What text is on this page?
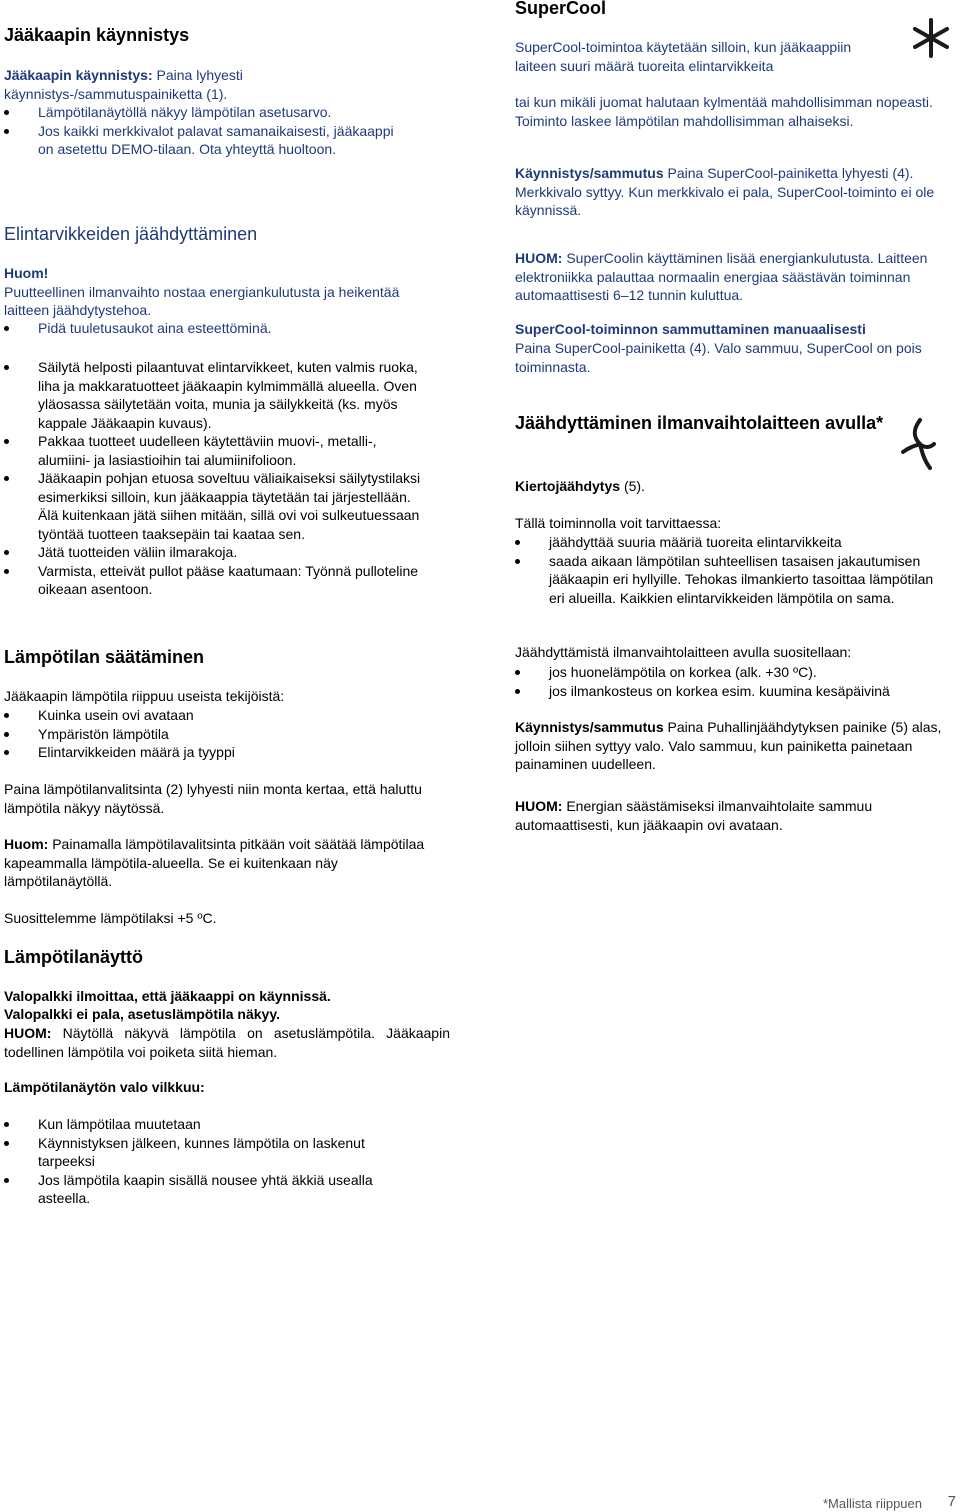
Jääkaapin käynnistys

Jääkaapin käynnistys: Paina lyhyesti käynnistys-/sammutuspainiketta (1).

Lämpötilanäytöllä näkyy lämpötilan asetusarvo.
Jos kaikki merkkivalot palavat samanaikaisesti, jääkaappi on asetettu DEMO-tilaan. Ota yhteyttä huoltoon.
Elintarvikkeiden jäähdyttäminen

Huom!
Puutteellinen ilmanvaihto nostaa energiankulutusta ja heikentää laitteen jäähdytystehoa.

Pidä tuuletusaukot aina esteettöminä.
Säilytä helposti pilaantuvat elintarvikkeet, kuten valmis ruoka, liha ja makkaratuotteet jääkaapin kylmimmällä alueella. Oven yläosassa säilytetään voita, munia ja säilykkeitä (ks. myös kappale Jääkaapin kuvaus).
Pakkaa tuotteet uudelleen käytettäviin muovi-, metalli-, alumiini- ja lasiastioihin tai alumiinifolioon.
Jääkaapin pohjan etuosa soveltuu väliaikaiseksi säilytystilaksi esimerkiksi silloin, kun jääkaappia täytetään tai järjestellään. Älä kuitenkaan jätä siihen mitään, sillä ovi voi sulkeutuessaan työntää tuotteen taaksepäin tai kaataa sen.
Jätä tuotteiden väliin ilmarakoja.
Varmista, etteivät pullot pääse kaatumaan: Työnnä pulloteline oikeaan asentoon.
Lämpötilan säätäminen

Jääkaapin lämpötila riippuu useista tekijöistä:

Kuinka usein ovi avataan
Ympäristön lämpötila
Elintarvikkeiden määrä ja tyyppi

Paina lämpötilanvalitsinta (2) lyhyesti niin monta kertaa, että haluttu lämpötila näkyy näytössä.

Huom: Painamalla lämpötilavalitsinta pitkään voit säätää lämpötilaa kapeammalla lämpötila-alueella. Se ei kuitenkaan näy lämpötilanäytöllä.

Suosittelemme lämpötilaksi +5 ºC.

Lämpötilanäyttö

Valopalkki ilmoittaa, että jääkaappi on käynnissä.

Valopalkki ei pala, asetuslämpötila näkyy.

HUOM: Näytöllä näkyvä lämpötila on asetuslämpötila. Jääkaapin todellinen lämpötila voi poiketa siitä hieman.

Lämpötilanäytön valo vilkkuu:

Kun lämpötilaa muutetaan
Käynnistyksen jälkeen, kunnes lämpötila on laskenut tarpeeksi
Jos lämpötila kaapin sisällä nousee yhtä äkkiä usealla asteella.
SuperCool

SuperCool-toimintoa käytetään silloin, kun jääkaappiin laiteen suuri määrä tuoreita elintarvikkeita

tai kun mikäli juomat halutaan kylmentää mahdollisimman nopeasti. Toiminto laskee lämpötilan mahdollisimman alhaiseksi.

Käynnistys/sammutus Paina SuperCool-painiketta lyhyesti (4). Merkkivalo syttyy. Kun merkkivalo ei pala, SuperCool-toiminto ei ole käynnissä.

HUOM: SuperCoolin käyttäminen lisää energiankulutusta. Laitteen elektroniikka palauttaa normaalin energiaa säästävän toiminnan automaattisesti 6–12 tunnin kuluttua.

SuperCool-toiminnon sammuttaminen manuaalisesti

Paina SuperCool-painiketta (4). Valo sammuu, SuperCool on pois toiminnasta.

Jäähdyttäminen ilmanvaihtolaitteen avulla*

Kiertojäähdytys (5).

Tällä toiminnolla voit tarvittaessa:

jäähdyttää suuria määriä tuoreita elintarvikkeita
saada aikaan lämpötilan suhteellisen tasaisen jakautumisen jääkaapin eri hyllyille. Tehokas ilmankierto tasoittaa lämpötilan eri alueilla. Kaikkien elintarvikkeiden lämpötila on sama.

Jäähdyttämistä ilmanvaihtolaitteen avulla suositellaan:

jos huonelämpötila on korkea (alk. +30 ºC).
jos ilmankosteus on korkea esim. kuumina kesäpäivinä

Käynnistys/sammutus Paina Puhallinjäähdytyksen painike (5) alas, jolloin siihen syttyy valo. Valo sammuu, kun painiketta painetaan painaminen uudelleen.

HUOM: Energian säästämiseksi ilmanvaihtolaite sammuu automaattisesti, kun jääkaapin ovi avataan.

*Mallista riippuen 7
